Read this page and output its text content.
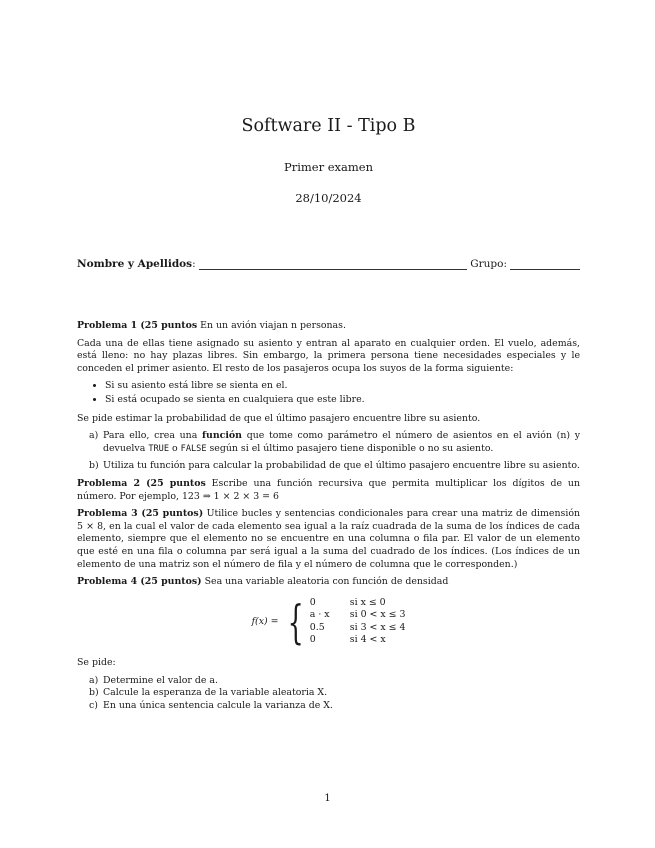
Software II - Tipo B
Primer examen
28/10/2024
Nombre y Apellidos :	Grupo:

Problema 1 (25 puntos En un avión viajan n personas.

Cada una de ellas tiene asignado su asiento y entran al aparato en cualquier orden. El vuelo, además, está lleno: no hay plazas libres. Sin embargo, la primera persona tiene necesidades especiales y le conceden el primer asiento. El resto de los pasajeros ocupa los suyos de la forma siguiente:

• Si su asiento está libre se sienta en el.
• Si está ocupado se sienta en cualquiera que este libre.

Se pide estimar la probabilidad de que el último pasajero encuentre libre su asiento.

a) Para ello, crea una función que tome como parámetro el número de asientos en el avión (n) y devuelva TRUE o FALSE según si el último pasajero tiene disponible o no su asiento.
b) Utiliza tu función para calcular la probabilidad de que el último pasajero encuentre libre su asiento.

Problema 2 (25 puntos Escribe una función recursiva que permita multiplicar los dígitos de un número. Por ejemplo, 123 ⇒ 1 × 2 × 3 = 6

Problema 3 (25 puntos) Utilice bucles y sentencias condicionales para crear una matriz de dimensión 5 × 8, en la cual el valor de cada elemento sea igual a la raíz cuadrada de la suma de los índices de cada elemento, siempre que el elemento no se encuentre en una columna o fila par. El valor de un elemento que esté en una fila o columna par será igual a la suma del cuadrado de los índices. (Los índices de un elemento de una matriz son el número de fila y el número de columna que le corresponden.)

Problema 4 (25 puntos) Sea una variable aleatoria con función de densidad

f(x) = { 0	si x ≤ 0
a · x	si 0 < x ≤ 3
0.5	si 3 < x ≤ 4
0	si 4 < x

Se pide:

a) Determine el valor de a.
b) Calcule la esperanza de la variable aleatoria X.
c) En una única sentencia calcule la varianza de X.
1
